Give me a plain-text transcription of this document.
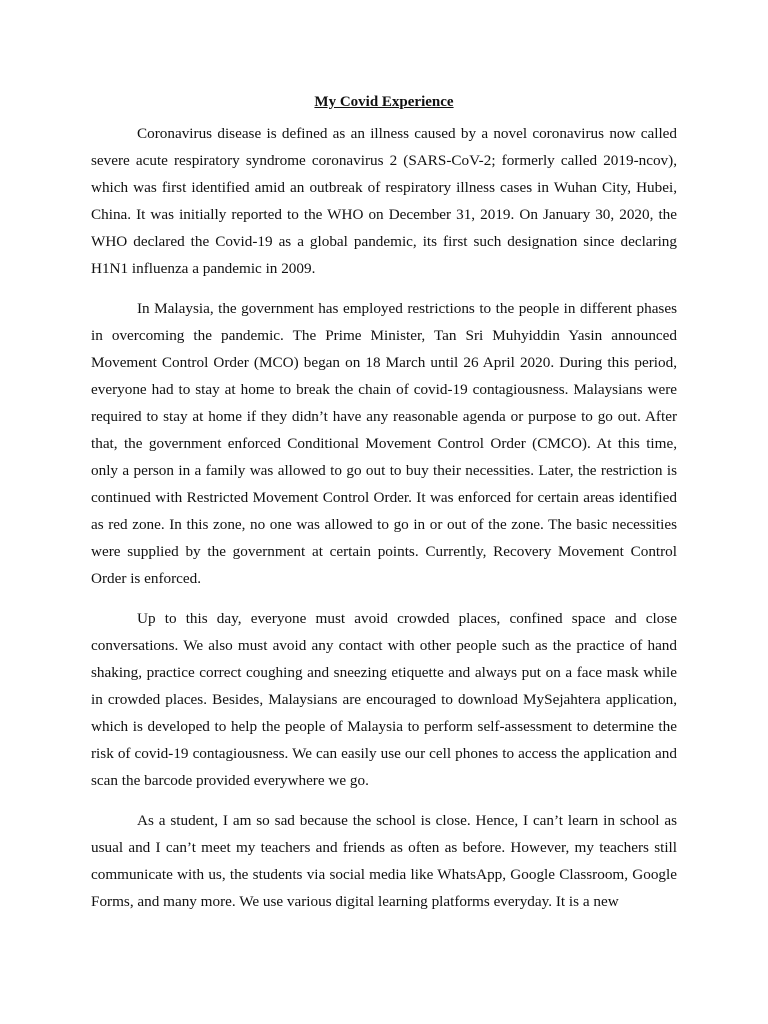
My Covid Experience

Coronavirus disease is defined as an illness caused by a novel coronavirus now called severe acute respiratory syndrome coronavirus 2 (SARS-CoV-2; formerly called 2019-ncov), which was first identified amid an outbreak of respiratory illness cases in Wuhan City, Hubei, China. It was initially reported to the WHO on December 31, 2019. On January 30, 2020, the WHO declared the Covid-19 as a global pandemic, its first such designation since declaring H1N1 influenza a pandemic in 2009.

In Malaysia, the government has employed restrictions to the people in different phases in overcoming the pandemic. The Prime Minister, Tan Sri Muhyiddin Yasin announced Movement Control Order (MCO) began on 18 March until 26 April 2020. During this period, everyone had to stay at home to break the chain of covid-19 contagiousness. Malaysians were required to stay at home if they didn’t have any reasonable agenda or purpose to go out. After that, the government enforced Conditional Movement Control Order (CMCO). At this time, only a person in a family was allowed to go out to buy their necessities. Later, the restriction is continued with Restricted Movement Control Order. It was enforced for certain areas identified as red zone. In this zone, no one was allowed to go in or out of the zone. The basic necessities were supplied by the government at certain points. Currently, Recovery Movement Control Order is enforced.

Up to this day, everyone must avoid crowded places, confined space and close conversations. We also must avoid any contact with other people such as the practice of hand shaking, practice correct coughing and sneezing etiquette and always put on a face mask while in crowded places. Besides, Malaysians are encouraged to download MySejahtera application, which is developed to help the people of Malaysia to perform self-assessment to determine the risk of covid-19 contagiousness. We can easily use our cell phones to access the application and scan the barcode provided everywhere we go.

As a student, I am so sad because the school is close. Hence, I can’t learn in school as usual and I can’t meet my teachers and friends as often as before. However, my teachers still communicate with us, the students via social media like WhatsApp, Google Classroom, Google Forms, and many more. We use various digital learning platforms everyday. It is a new
